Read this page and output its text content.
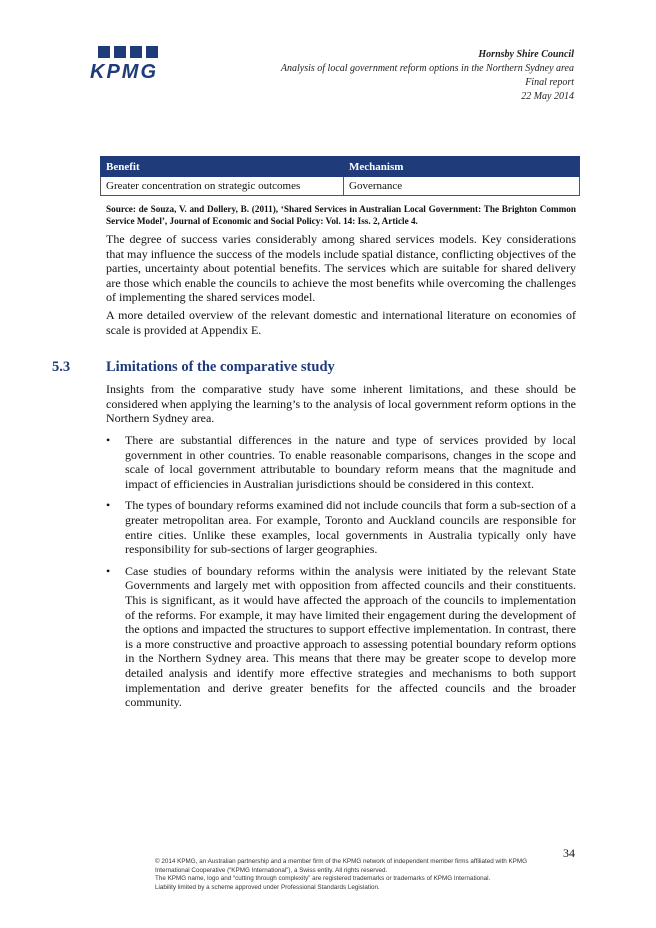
KPMG
Hornsby Shire Council
Analysis of local government reform options in the Northern Sydney area
Final report
22 May 2014
Benefit	Mechanism
Greater concentration on strategic outcomes	Governance
Source: de Souza, V. and Dollery, B. (2011), ‘Shared Services in Australian Local Government: The Brighton Common Service Model’, Journal of Economic and Social Policy: Vol. 14: Iss. 2, Article 4.
The degree of success varies considerably among shared services models. Key considerations that may influence the success of the models include spatial distance, conflicting objectives of the parties, uncertainty about potential benefits. The services which are suitable for shared delivery are those which enable the councils to achieve the most benefits while overcoming the challenges of implementing the shared services model.
A more detailed overview of the relevant domestic and international literature on economies of scale is provided at Appendix E.
5.3 Limitations of the comparative study
Insights from the comparative study have some inherent limitations, and these should be considered when applying the learning’s to the analysis of local government reform options in the Northern Sydney area.
• There are substantial differences in the nature and type of services provided by local government in other countries. To enable reasonable comparisons, changes in the scope and scale of local government attributable to boundary reform means that the magnitude and impact of efficiencies in Australian jurisdictions should be considered in this context.
• The types of boundary reforms examined did not include councils that form a sub-section of a greater metropolitan area. For example, Toronto and Auckland councils are responsible for entire cities. Unlike these examples, local governments in Australia typically only have responsibility for sub-sections of larger geographies.
• Case studies of boundary reforms within the analysis were initiated by the relevant State Governments and largely met with opposition from affected councils and their constituents. This is significant, as it would have affected the approach of the councils to implementation of the reforms. For example, it may have limited their engagement during the development of the options and impacted the structures to support effective implementation. In contrast, there is a more constructive and proactive approach to assessing potential boundary reform options in the Northern Sydney area. This means that there may be greater scope to develop more detailed analysis and identify more effective strategies and mechanisms to both support implementation and derive greater benefits for the affected councils and the broader community.
34

© 2014 KPMG, an Australian partnership and a member firm of the KPMG network of independent member firms affiliated with KPMG International Cooperative (“KPMG International”), a Swiss entity. All rights reserved.

The KPMG name, logo and “cutting through complexity” are registered trademarks or trademarks of KPMG International.

Liability limited by a scheme approved under Professional Standards Legislation.
